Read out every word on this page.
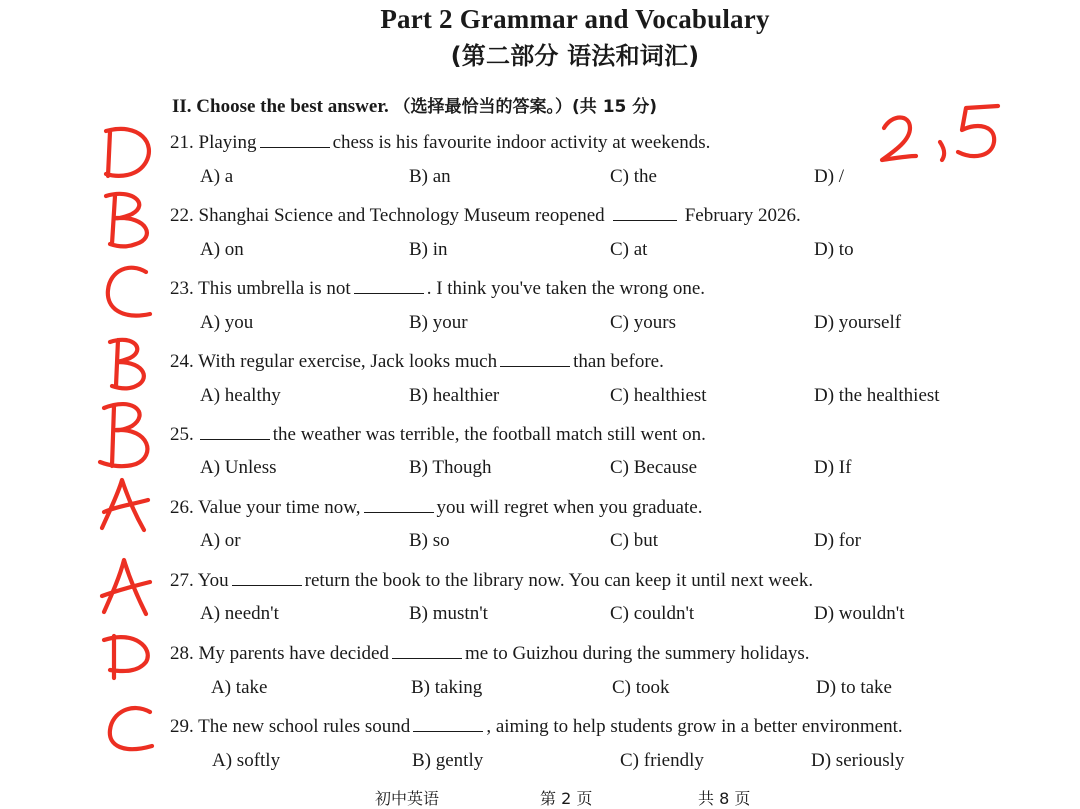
Part 2 Grammar and Vocabulary
(第二部分 语法和词汇)
II. Choose the best answer. （选择最恰当的答案。）(共 15 分)
21. Playing	chess is his favourite indoor activity at weekends.
A) a	B) an	C) the	D) /
22. Shanghai Science and Technology Museum reopened	February 2026.
A) on	B) in	C) at	D) to
23. This umbrella is not	. I think you've taken the wrong one.
A) you	B) your	C) yours	D) yourself
24. With regular exercise, Jack looks much	than before.
A) healthy	B) healthier	C) healthiest	D) the healthiest
25.	the weather was terrible, the football match still went on.
A) Unless	B) Though	C) Because	D) If
26. Value your time now,	you will regret when you graduate.
A) or	B) so	C) but	D) for
27. You	return the book to the library now. You can keep it until next week.
A) needn't	B) mustn't	C) couldn't	D) wouldn't
28. My parents have decided	me to Guizhou during the summery holidays.
A) take	B) taking	C) took	D) to take
29. The new school rules sound	, aiming to help students grow in a better environment.
A) softly	B) gently	C) friendly	D) seriously
初中英语	第 2 页	共 8 页
